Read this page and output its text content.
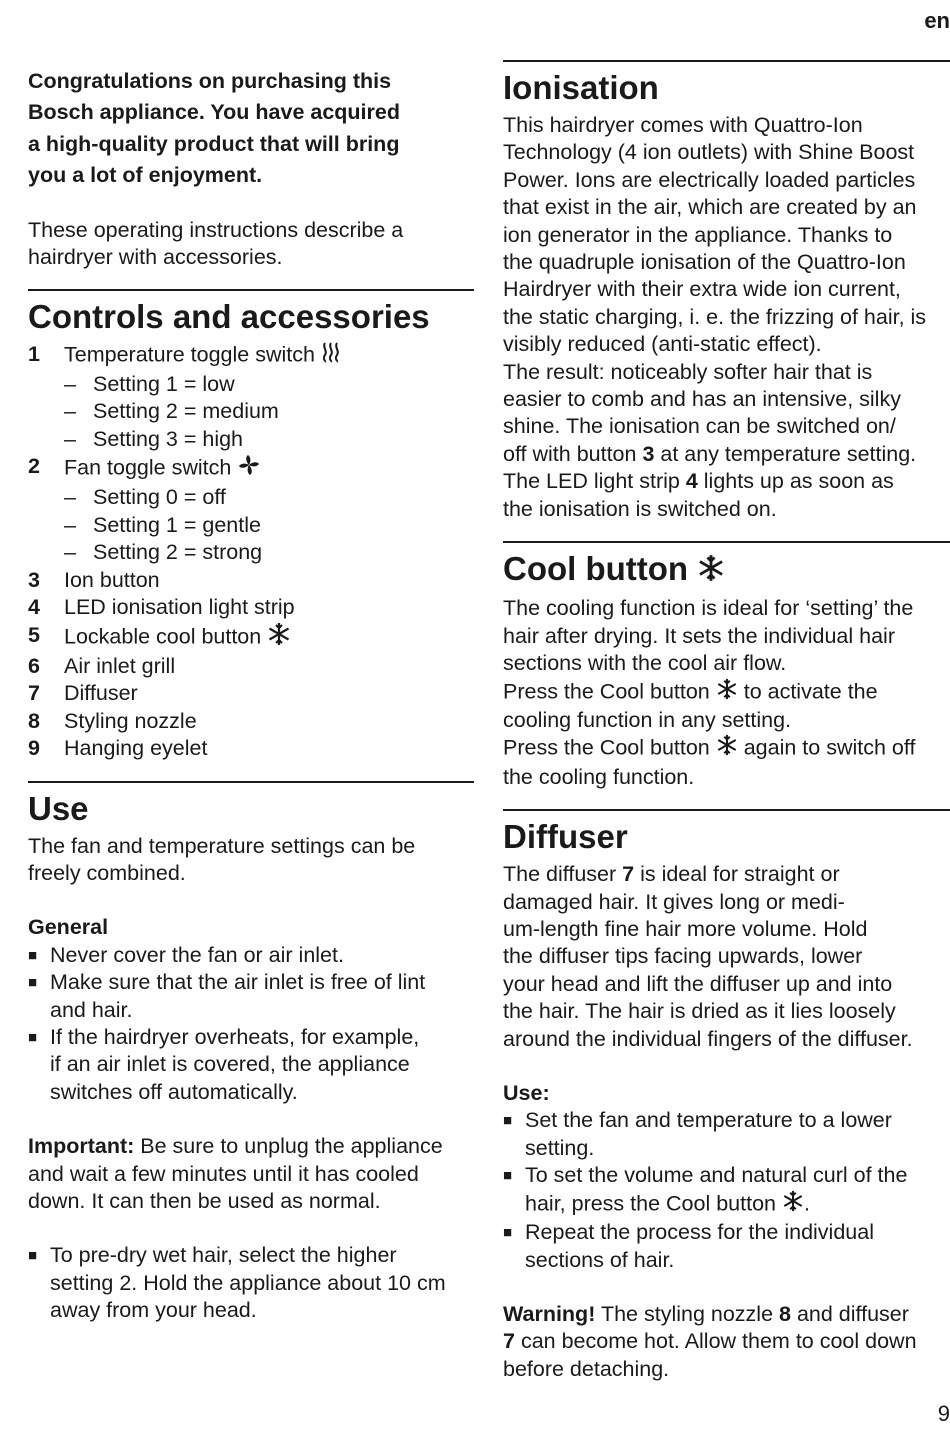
en
9

Congratulations on purchasing this

Bosch appliance. You have acquired

a high-quality product that will bring

you a lot of enjoyment.

These operating instructions describe a

hairdryer with accessories.

Controls and accessories
1	Temperature toggle switch
– Setting 1 = low
– Setting 2 = medium
– Setting 3 = high
2	Fan toggle switch
– Setting 0 = off
– Setting 1 = gentle
– Setting 2 = strong
3	Ion button
4	LED ionisation light strip
5	Lockable cool button
6	Air inlet grill
7	Diffuser
8	Styling nozzle
9	Hanging eyelet
Use

The fan and temperature settings can be

freely combined.

General
■ Never cover the fan or air inlet.

■ Make sure that the air inlet is free of lint

and hair.

■ If the hairdryer overheats, for example,

if an air inlet is covered, the appliance

switches off automatically.

Important: Be sure to unplug the appliance

and wait a few minutes until it has cooled

down. It can then be used as normal.

■ To pre-dry wet hair, select the higher

setting 2. Hold the appliance about 10 cm

away from your head.

Ionisation

This hairdryer comes with Quattro-Ion

Technology (4 ion outlets) with Shine Boost

Power. Ions are electrically loaded particles

that exist in the air, which are created by an

ion generator in the appliance. Thanks to

the quadruple ionisation of the Quattro-Ion

Hairdryer with their extra wide ion current,

the static charging, i. e. the frizzing of hair, is

visibly reduced (anti-static effect).

The result: noticeably softer hair that is

easier to comb and has an intensive, silky

shine. The ionisation can be switched on/

off with button 3 at any temperature setting.

The LED light strip 4 lights up as soon as

the ionisation is switched on.

Cool button

The cooling function is ideal for ‘setting’ the

hair after drying. It sets the individual hair

sections with the cool air flow.

Press the Cool button  to activate the

cooling function in any setting.

Press the Cool button  again to switch off

the cooling function.

Diffuser

The diffuser 7 is ideal for straight or

damaged hair. It gives long or medi-

um-length fine hair more volume. Hold

the diffuser tips facing upwards, lower

your head and lift the diffuser up and into

the hair. The hair is dried as it lies loosely

around the individual fingers of the diffuser.

Use:
■ Set the fan and temperature to a lower

setting.

■ To set the volume and natural curl of the

hair, press the Cool button .

■ Repeat the process for the individual

sections of hair.

Warning! The styling nozzle 8 and diffuser

7 can become hot. Allow them to cool down

before detaching.
